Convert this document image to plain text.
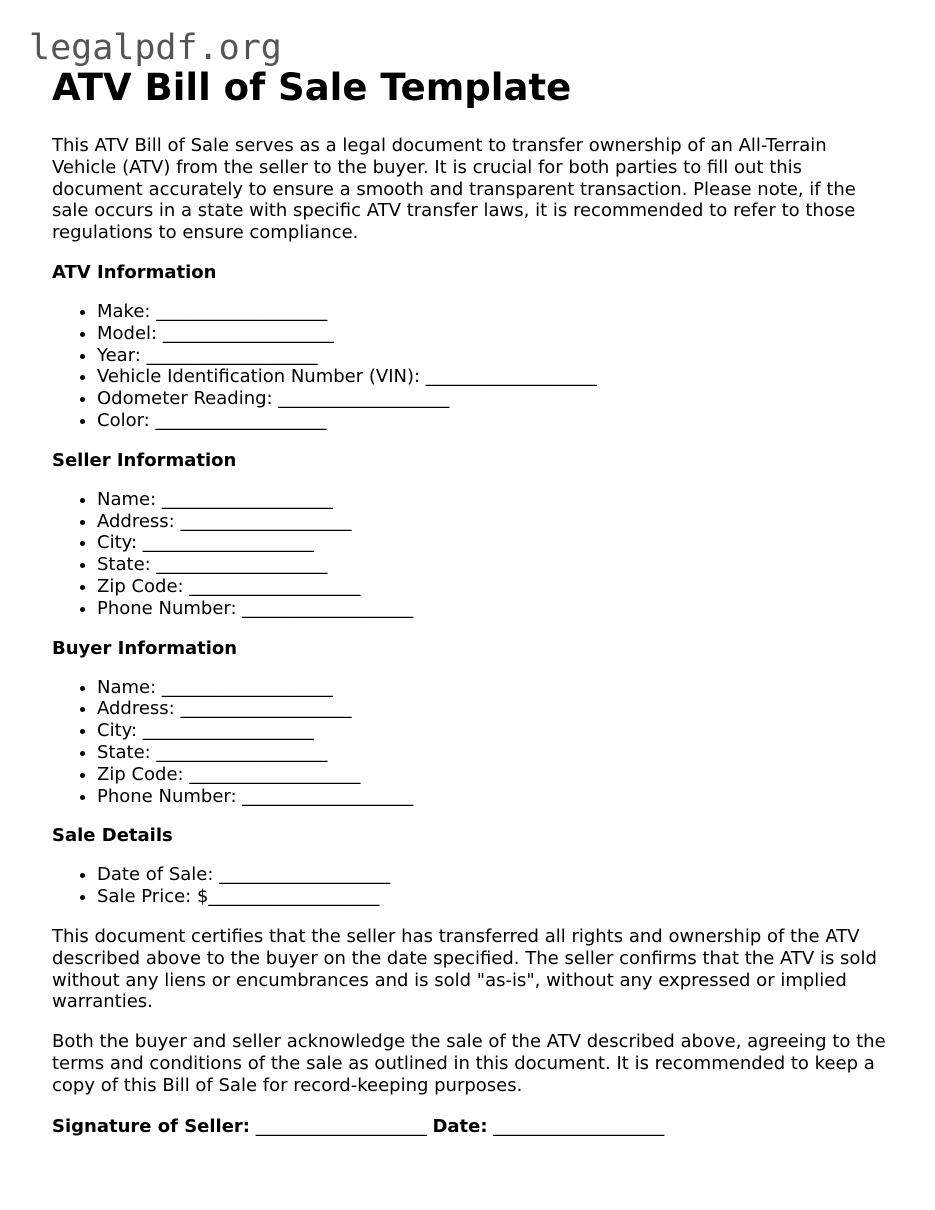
legalpdf.org
ATV Bill of Sale Template

This ATV Bill of Sale serves as a legal document to transfer ownership of an All-Terrain Vehicle (ATV) from the seller to the buyer. It is crucial for both parties to fill out this document accurately to ensure a smooth and transparent transaction. Please note, if the sale occurs in a state with specific ATV transfer laws, it is recommended to refer to those regulations to ensure compliance.

ATV Information
• Make: ___________________
• Model: ___________________
• Year: ___________________
• Vehicle Identification Number (VIN): ___________________
• Odometer Reading: ___________________
• Color: ___________________
Seller Information
• Name: ___________________
• Address: ___________________
• City: ___________________
• State: ___________________
• Zip Code: ___________________
• Phone Number: ___________________
Buyer Information
• Name: ___________________
• Address: ___________________
• City: ___________________
• State: ___________________
• Zip Code: ___________________
• Phone Number: ___________________
Sale Details
• Date of Sale: ___________________
• Sale Price: $___________________

This document certifies that the seller has transferred all rights and ownership of the ATV described above to the buyer on the date specified. The seller confirms that the ATV is sold without any liens or encumbrances and is sold "as-is", without any expressed or implied warranties.

Both the buyer and seller acknowledge the sale of the ATV described above, agreeing to the terms and conditions of the sale as outlined in this document. It is recommended to keep a copy of this Bill of Sale for record-keeping purposes.

Signature of Seller: ___________________ Date: ___________________
